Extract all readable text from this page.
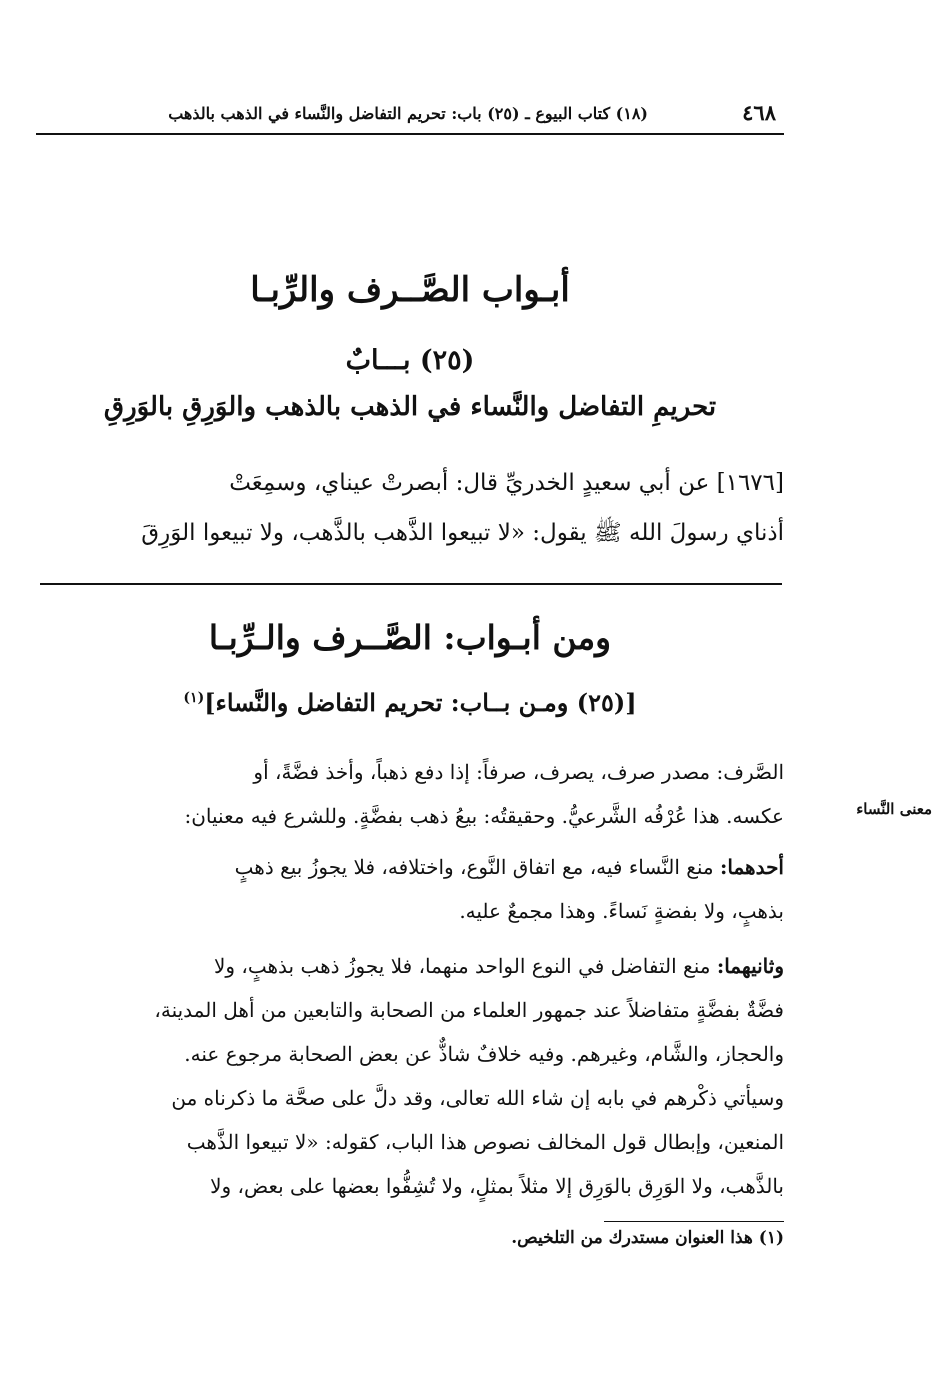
٤٦٨
(١٨) كتاب البيوع ـ (٢٥) باب: تحريم التفاضل والنَّساء في الذهب بالذهب
أبـواب الصَّــرف والرِّبـا
(٢٥) بـــابٌ
تحريمِ التفاضل والنَّساء في الذهب بالذهب والوَرِقِ بالوَرِقِ
[١٦٧٦] عن أبي سعيدٍ الخدريِّ قال: أبصرتْ عيناي، وسمِعَتْ
أذناي رسولَ الله ﷺ يقول: «لا تبيعوا الذَّهب بالذَّهب، ولا تبيعوا الوَرِقَ
ومن أبـواب: الصَّــرف والـرِّبـا
[(٢٥) ومـن بــاب: تحريم التفاضل والنَّساء]$^{(١)}$
معنى النَّساء
الصَّرف: مصدر صرف، يصرف، صرفاً: إذا دفع ذهباً، وأخذ فضَّةً، أو
عكسه. هذا عُرْفُه الشَّرعيُّ. وحقيقتُه: بيعُ ذهب بفضَّةٍ. وللشرع فيه معنيان:
أحدهما: منع النَّساء فيه، مع اتفاق النَّوع، واختلافه، فلا يجوزُ بيع ذهبٍ
بذهبٍ، ولا بفضةٍ نَساءً. وهذا مجمعٌ عليه.
وثانيهما: منع التفاضل في النوع الواحد منهما، فلا يجوزُ ذهب بذهبٍ، ولا
فضَّةٌ بفضَّةٍ متفاضلاً عند جمهور العلماء من الصحابة والتابعين من أهل المدينة،
والحجاز، والشَّام، وغيرهم. وفيه خلافٌ شاذٌّ عن بعض الصحابة مرجوع عنه.
وسيأتي ذكْرهم في بابه إن شاء الله تعالى، وقد دلَّ على صحَّة ما ذكرناه من
المنعين، وإبطال قول المخالف نصوص هذا الباب، كقوله: «لا تبيعوا الذَّهب
بالذَّهب، ولا الوَرِق بالوَرِق إلا مثلاً بمثلٍ، ولا تُشِفُّوا بعضها على بعض، ولا
(١) هذا العنوان مستدرك من التلخيص.
